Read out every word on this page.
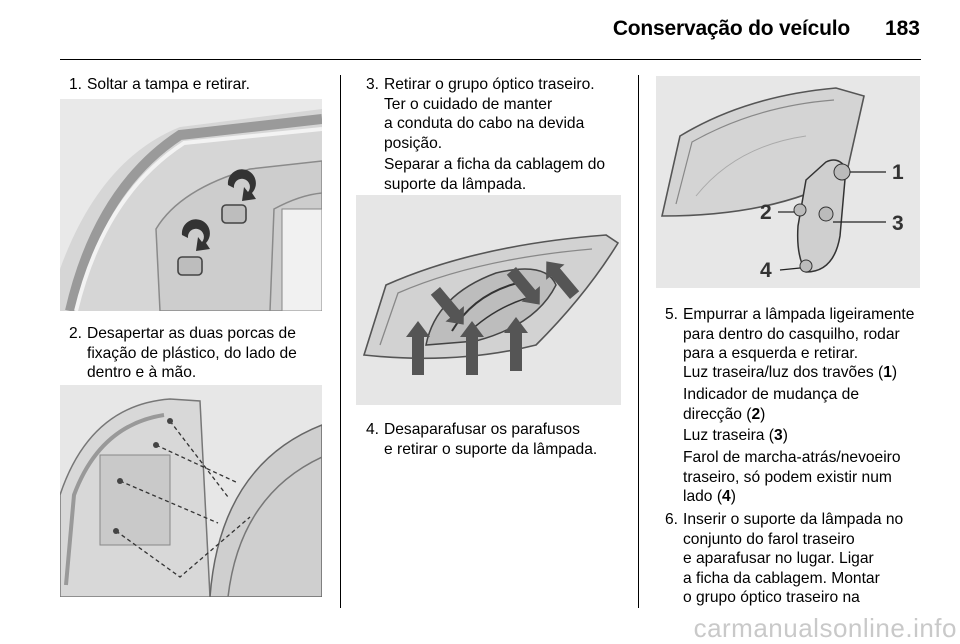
Conservação do veículo	183
1. Soltar a tampa e retirar.
2. Desapertar as duas porcas de fixação de plástico, do lado de dentro e à mão.
3. Retirar o grupo óptico traseiro.
Ter o cuidado de manter
a conduta do cabo na devida
posição.
Separar a ficha da cablagem do
suporte da lâmpada.
4. Desaparafusar os parafusos
e retirar o suporte da lâmpada.
1
2	3
4
5. Empurrar a lâmpada ligeiramente
para dentro do casquilho, rodar
para a esquerda e retirar.
Luz traseira/luz dos travões (1)
Indicador de mudança de
direcção (2)
Luz traseira (3)
Farol de marcha-atrás/nevoeiro
traseiro, só podem existir num
lado (4)
6. Inserir o suporte da lâmpada no
conjunto do farol traseiro
e aparafusar no lugar. Ligar
a ficha da cablagem. Montar
o grupo óptico traseiro na
carmanualsonline.info
